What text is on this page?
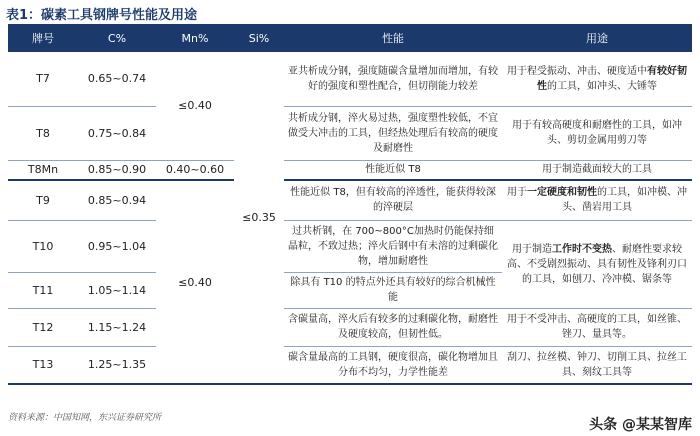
表1：碳素工具钢牌号性能及用途
牌号	C%	Mn%	Si%	性能	用途
T7	0.65~0.74	≤0.40	≤0.35	亚共析成分钢，强度随碳含量增加而增加，有较好的强度和塑性配合，但切削能力较差	用于程受振动、冲击、硬度适中有较好韧性的工具，如冲头、大锤等
T8	0.75~0.84			共析成分钢，淬火易过热，强度塑性较低，不宜做受大冲击的工具，但经热处理后有较高的硬度及耐磨性	用于有较高硬度和耐磨性的工具，如冲头、剪切金属用剪刀等
T8Mn	0.85~0.90	0.40~0.60		性能近似 T8	用于制造截面较大的工具
T9	0.85~0.94	≤0.40		性能近似 T8，但有较高的淬透性，能获得较深的淬硬层	用于一定硬度和韧性的工具，如冲模、冲头、凿岩用工具
T10	0.95~1.04			过共析钢，在 700~800°C加热时仍能保持细晶粒，不致过热；淬火后钢中有未溶的过剩碳化物，增加耐磨性	用于制造工作时不变热、耐磨性要求较高、不受剧烈振动、具有韧性及锋利刃口的工具，如刨刀、冷冲模、锯条等
T11	1.05~1.14			除具有 T10 的特点外还具有较好的综合机械性能	
T12	1.15~1.24			含碳量高，淬火后有较多的过剩碳化物，耐磨性及硬度较高，但韧性低。	用于不受冲击、高硬度的工具，如丝锥、锉刀、量具等。
T13	1.25~1.35			碳含量最高的工具钢，硬度很高，碳化物增加且分布不均匀，力学性能差	刮刀、拉丝模、钟刀、切削工具、拉丝工具、刻纹工具等
资料来源：中国知网，东兴证券研究所	头条 @某某智库
